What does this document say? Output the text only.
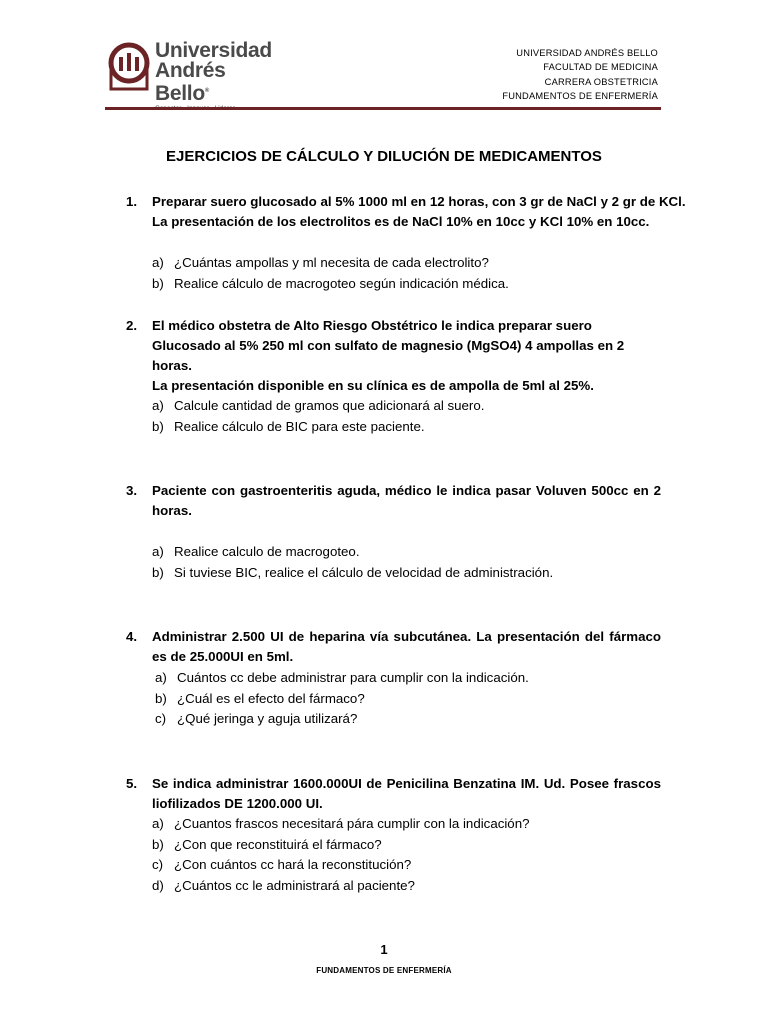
Universidad
Andrés Bello®
UNIVERSIDAD ANDRÉS BELLO
FACULTAD DE MEDICINA
CARRERA OBSTETRICIA
FUNDAMENTOS DE ENFERMERÍA
EJERCICIOS DE CÁLCULO Y DILUCIÓN DE MEDICAMENTOS
1. Preparar suero glucosado al 5% 1000 ml en 12 horas, con 3 gr de NaCl y 2 gr de KCl.
La presentación de los electrolitos es de NaCl 10% en 10cc y KCl 10% en 10cc.
a) ¿Cuántas ampollas y ml necesita de cada electrolito?
b) Realice cálculo de macrogoteo según indicación médica.
2. El médico obstetra de Alto Riesgo Obstétrico le indica preparar suero Glucosado al 5% 250 ml con sulfato de magnesio (MgSO4) 4 ampollas en 2 horas.
La presentación disponible en su clínica es de ampolla de 5ml al 25%.
a) Calcule cantidad de gramos que adicionará al suero.
b) Realice cálculo de BIC para este paciente.
3. Paciente con gastroenteritis aguda, médico le indica pasar Voluven 500cc en 2 horas.
a) Realice calculo de macrogoteo.
b) Si tuviese BIC, realice el cálculo de velocidad de administración.
4. Administrar 2.500 UI de heparina vía subcutánea. La presentación del fármaco es de 25.000UI en 5ml.
a) Cuántos cc debe administrar para cumplir con la indicación.
b) ¿Cuál es el efecto del fármaco?
c) ¿Qué jeringa y aguja utilizará?
5. Se indica administrar 1600.000UI de Penicilina Benzatina IM. Ud. Posee frascos liofilizados DE 1200.000 UI.
a) ¿Cuantos frascos necesitará pára cumplir con la indicación?
b) ¿Con que reconstituirá el fármaco?
c) ¿Con cuántos cc hará la reconstitución?
d) ¿Cuántos cc le administrará al paciente?
1
FUNDAMENTOS DE ENFERMERÍA
